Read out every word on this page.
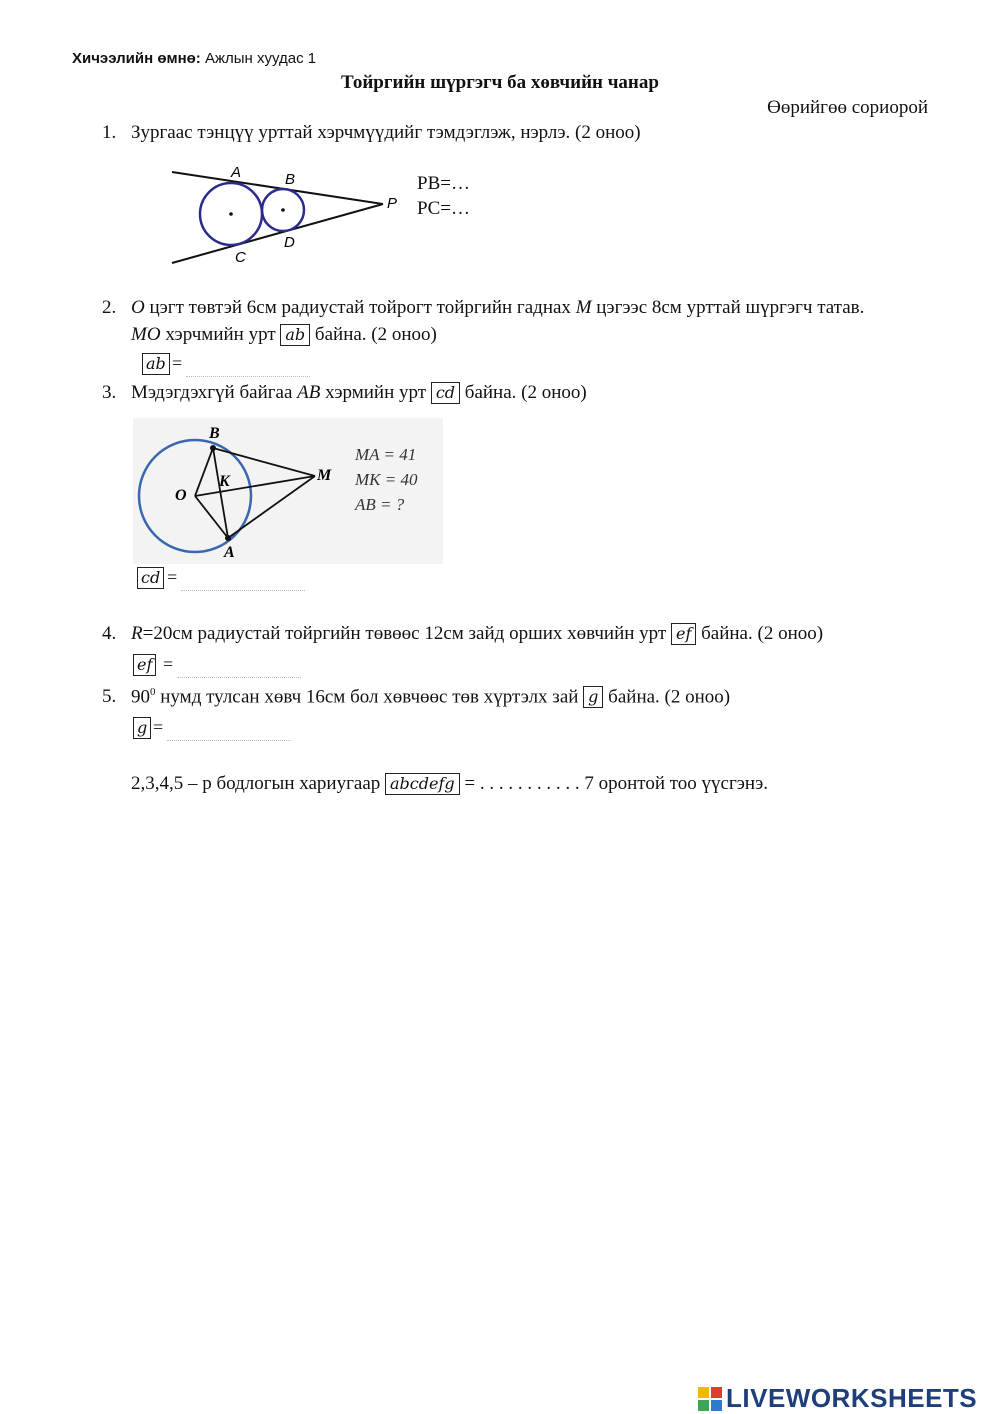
Хичээлийн өмнө: Ажлын хуудас 1
Тойргийн шүргэгч ба хөвчийн чанар
Өөрийгөө сориорой
1. Зургаас тэнцүү урттай хэрчмүүдийг тэмдэглэж, нэрлэ. (2 оноо)
A	B
C
D
P
PB=…
PC=…
2. O цэгт төвтэй 6см радиустай тойрогт тойргийн гаднах M цэгээс 8см урттай шүргэгч татав.
MO хэрчмийн урт ab байна. (2 оноо)
ab =
3. Мэдэгдэхгүй байгаа AB хэрмийн урт cd байна. (2 оноо)
B
O
K	M
A
MA = 41
MK = 40
AB = ?
cd =
4. R=20см радиустай тойргийн төвөөс 12см зайд орших хөвчийн урт ef байна. (2 оноо)
ef =
5. $90^0$ нумд тулсан хөвч 16см бол хөвчөөс төв хүртэлх зай g байна. (2 оноо)
g =
2,3,4,5 – р бодлогын хариугаар abcdefg = . . . . . . . . . . . 7 оронтой тоо үүсгэнэ.
LIVEWORKSHEETS
